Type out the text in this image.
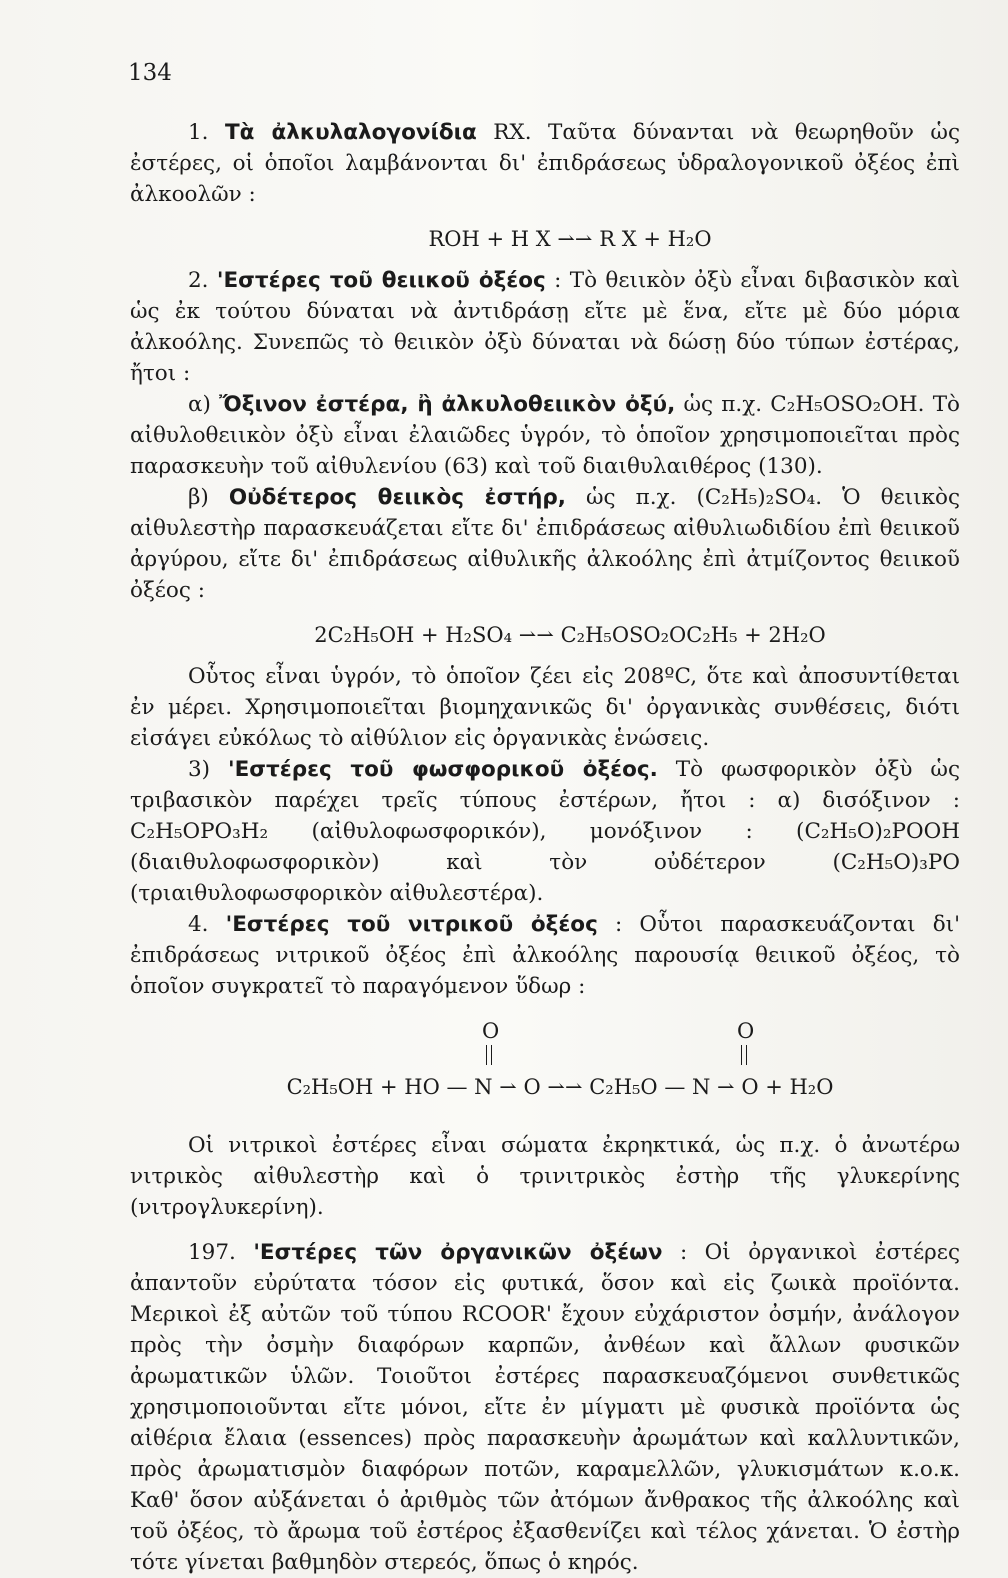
134

1. Τὰ ἀλκυλαλογονίδια RX. Ταῦτα δύνανται νὰ θεωρηθοῦν ὡς ἐστέρες, οἱ ὁποῖοι λαμβάνονται δι' ἐπιδράσεως ὑδραλογονικοῦ ὀξέος ἐπὶ ἀλκοολῶν :

ROH + H X ⇀⇀ R X + H₂O

2. 'Εστέρες τοῦ θειικοῦ ὀξέος : Τὸ θειικὸν ὀξὺ εἶναι διβασικὸν καὶ ὡς ἐκ τούτου δύναται νὰ ἀντιδράσῃ εἴτε μὲ ἕνα, εἴτε μὲ δύο μόρια ἀλκοόλης. Συνεπῶς τὸ θειικὸν ὀξὺ δύναται νὰ δώσῃ δύο τύπων ἐστέρας, ἤτοι :

α) Ὄξινον ἐστέρα, ἢ ἀλκυλοθειικὸν ὀξύ, ὡς π.χ. C₂H₅OSO₂OH. Τὸ αἰθυλοθειικὸν ὀξὺ εἶναι ἐλαιῶδες ὑγρόν, τὸ ὁποῖον χρησιμοποιεῖται πρὸς παρασκευὴν τοῦ αἰθυλενίου (63) καὶ τοῦ διαιθυλαιθέρος (130).

β) Οὐδέτερος θειικὸς ἐστήρ, ὡς π.χ. (C₂H₅)₂SO₄. Ὁ θειικὸς αἰθυλεστὴρ παρασκευάζεται εἴτε δι' ἐπιδράσεως αἰθυλιωδιδίου ἐπὶ θειικοῦ ἀργύρου, εἴτε δι' ἐπιδράσεως αἰθυλικῆς ἀλκοόλης ἐπὶ ἀτμίζοντος θειικοῦ ὀξέος :

2C₂H₅OH + H₂SO₄ ⇀⇀ C₂H₅OSO₂OC₂H₅ + 2H₂O

Οὗτος εἶναι ὑγρόν, τὸ ὁποῖον ζέει εἰς 208ºC, ὅτε καὶ ἀποσυντίθεται ἐν μέρει. Χρησιμοποιεῖται βιομηχανικῶς δι' ὀργανικὰς συνθέσεις, διότι εἰσάγει εὐκόλως τὸ αἰθύλιον εἰς ὀργανικὰς ἑνώσεις.

3) 'Εστέρες τοῦ φωσφορικοῦ ὀξέος. Τὸ φωσφορικὸν ὀξὺ ὡς τριβασικὸν παρέχει τρεῖς τύπους ἐστέρων, ἤτοι : α) δισόξινον : C₂H₅OPO₃H₂ (αἰθυλοφωσφορικόν), μονόξινον : (C₂H₅O)₂POOH (διαιθυλοφωσφορικὸν) καὶ τὸν οὐδέτερον (C₂H₅O)₃PO (τριαιθυλοφωσφορικὸν αἰθυλεστέρα).

4. 'Εστέρες τοῦ νιτρικοῦ ὀξέος : Οὗτοι παρασκευάζονται δι' ἐπιδράσεως νιτρικοῦ ὀξέος ἐπὶ ἀλκοόλης παρουσίᾳ θειικοῦ ὀξέος, τὸ ὁποῖον συγκρατεῖ τὸ παραγόμενον ὕδωρ :

O	O
C₂H₅OH + HO — N ⇀ O ⇀⇀ C₂H₅O — N ⇀ O + H₂O

Οἱ νιτρικοὶ ἐστέρες εἶναι σώματα ἐκρηκτικά, ὡς π.χ. ὁ ἀνωτέρω νιτρικὸς αἰθυλεστὴρ καὶ ὁ τρινιτρικὸς ἐστὴρ τῆς γλυκερίνης (νιτρογλυκερίνη).

197. 'Εστέρες τῶν ὀργανικῶν ὀξέων : Οἱ ὀργανικοὶ ἐστέρες ἀπαντοῦν εὐρύτατα τόσον εἰς φυτικά, ὅσον καὶ εἰς ζωικὰ προϊόντα. Μερικοὶ ἐξ αὐτῶν τοῦ τύπου RCOOR' ἔχουν εὐχάριστον ὀσμήν, ἀνάλογον πρὸς τὴν ὀσμὴν διαφόρων καρπῶν, ἀνθέων καὶ ἄλλων φυσικῶν ἀρωματικῶν ὑλῶν. Τοιοῦτοι ἐστέρες παρασκευαζόμενοι συνθετικῶς χρησιμοποιοῦνται εἴτε μόνοι, εἴτε ἐν μίγματι μὲ φυσικὰ προϊόντα ὡς αἰθέρια ἔλαια (essences) πρὸς παρασκευὴν ἀρωμάτων καὶ καλλυντικῶν, πρὸς ἀρωματισμὸν διαφόρων ποτῶν, καραμελλῶν, γλυκισμάτων κ.ο.κ. Καθ' ὅσον αὐξάνεται ὁ ἀριθμὸς τῶν ἀτόμων ἄνθρακος τῆς ἀλκοόλης καὶ τοῦ ὀξέος, τὸ ἄρωμα τοῦ ἐστέρος ἐξασθενίζει καὶ τέλος χάνεται. Ὁ ἐστὴρ τότε γίνεται βαθμηδὸν στερεός, ὅπως ὁ κηρός.
